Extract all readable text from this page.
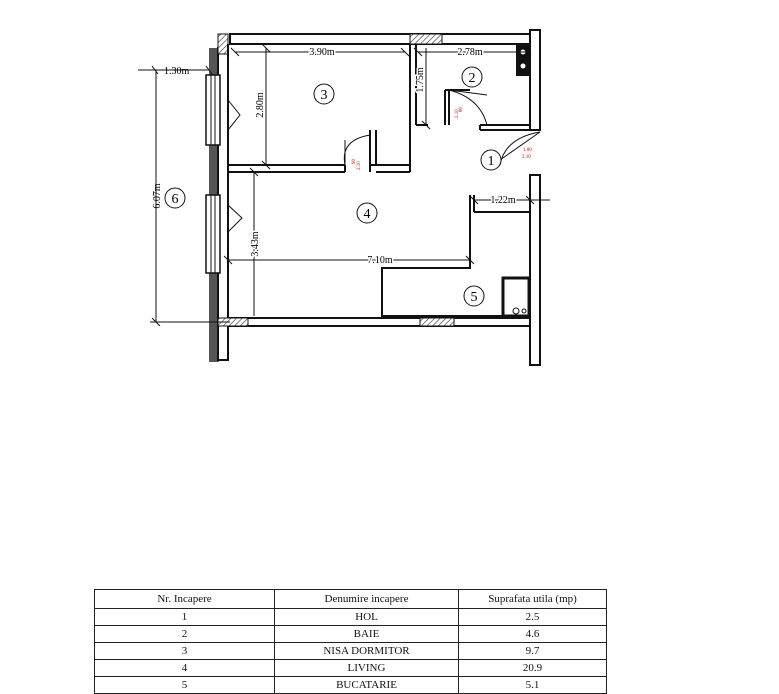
80
2.10
90 2.10
1.00
2.10
1.30m
6.07m
3.90m	2.78m
2.80m
1.75m
3.43m
7.10m
1.22m
1
2
3
4
5
6
Nr. Incapere	Denumire incapere	Suprafata utila (mp)
1	HOL	2.5
2	BAIE	4.6
3	NISA DORMITOR	9.7
4	LIVING	20.9
5	BUCATARIE	5.1
